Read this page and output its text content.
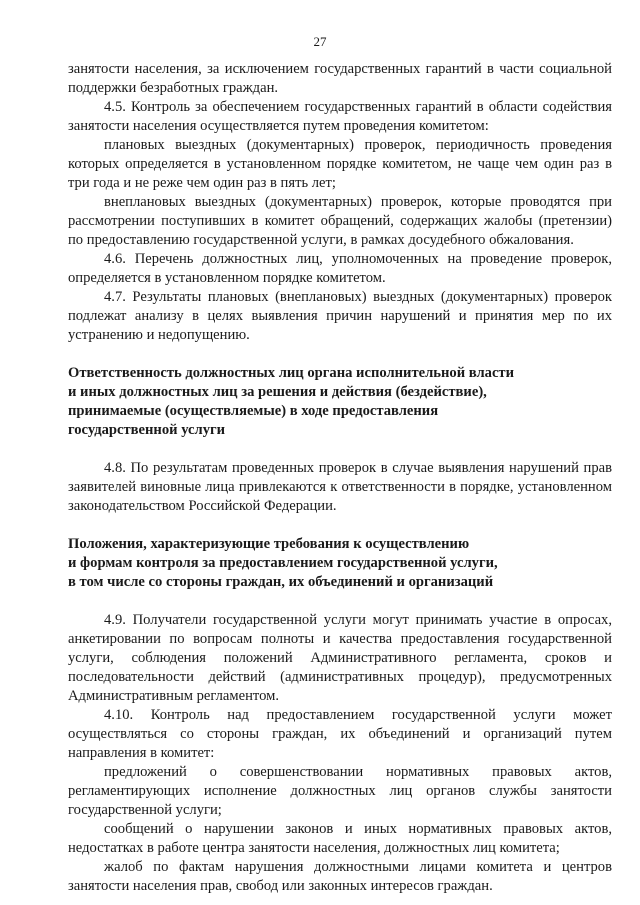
27

занятости населения, за исключением государственных гарантий в части социальной поддержки безработных граждан.

4.5. Контроль за обеспечением государственных гарантий в области содействия занятости населения осуществляется путем проведения комитетом:

плановых выездных (документарных) проверок, периодичность проведения которых определяется в установленном порядке комитетом, не чаще чем один раз в три года и не реже чем один раз в пять лет;

внеплановых выездных (документарных) проверок, которые проводятся при рассмотрении поступивших в комитет обращений, содержащих жалобы (претензии) по предоставлению государственной услуги, в рамках досудебного обжалования.

4.6. Перечень должностных лиц, уполномоченных на проведение проверок, определяется в установленном порядке комитетом.

4.7. Результаты плановых (внеплановых) выездных (документарных) проверок подлежат анализу в целях выявления причин нарушений и принятия мер по их устранению и недопущению.

Ответственность должностных лиц органа исполнительной власти

и иных должностных лиц за решения и действия (бездействие),

принимаемые (осуществляемые) в ходе предоставления

государственной услуги

4.8. По результатам проведенных проверок в случае выявления нарушений прав заявителей виновные лица привлекаются к ответственности в порядке, установленном законодательством Российской Федерации.

Положения, характеризующие требования к осуществлению

и формам контроля за предоставлением государственной услуги,

в том числе со стороны граждан, их объединений и организаций

4.9. Получатели государственной услуги могут принимать участие в опросах, анкетировании по вопросам полноты и качества предоставления государственной услуги, соблюдения положений Административного регламента, сроков и последовательности действий (административных процедур), предусмотренных Административным регламентом.

4.10. Контроль над предоставлением государственной услуги может осуществляться со стороны граждан, их объединений и организаций путем направления в комитет:

предложений о совершенствовании нормативных правовых актов, регламентирующих исполнение должностных лиц органов службы занятости государственной услуги;

сообщений о нарушении законов и иных нормативных правовых актов, недостатках в работе центра занятости населения, должностных лиц комитета;

жалоб по фактам нарушения должностными лицами комитета и центров занятости населения прав, свобод или законных интересов граждан.
